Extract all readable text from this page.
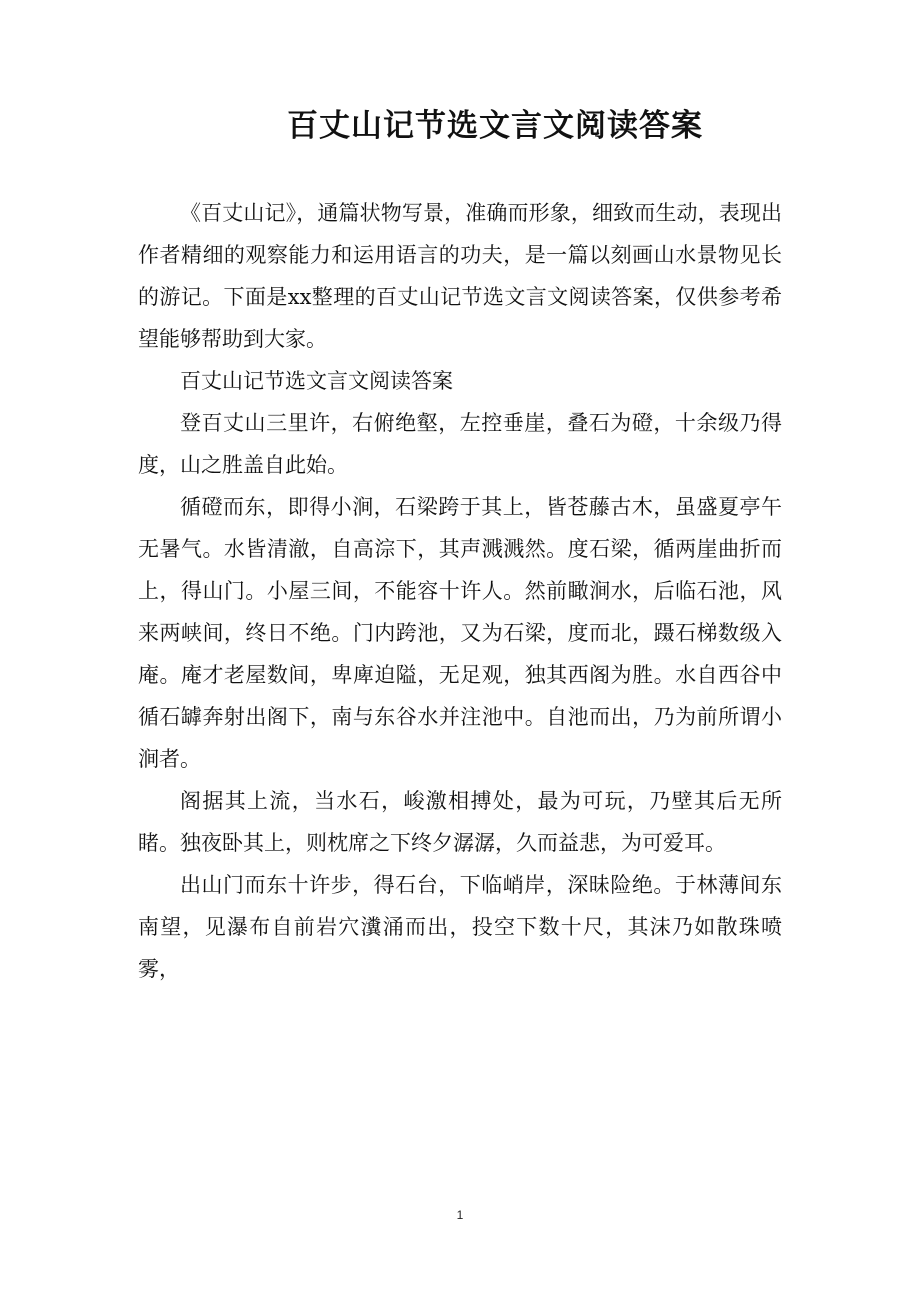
百丈山记节选文言文阅读答案

《百丈山记》，通篇状物写景，准确而形象，细致而生动，表现出作者精细的观察能力和运用语言的功夫，是一篇以刻画山水景物见长的游记。下面是xx整理的百丈山记节选文言文阅读答案，仅供参考希望能够帮助到大家。

百丈山记节选文言文阅读答案

登百丈山三里许，右俯绝壑，左控垂崖，叠石为磴，十余级乃得度，山之胜盖自此始。

循磴而东，即得小涧，石梁跨于其上，皆苍藤古木，虽盛夏亭午无暑气。水皆清澈，自高淙下，其声溅溅然。度石梁，循两崖曲折而上，得山门。小屋三间，不能容十许人。然前瞰涧水，后临石池，风来两峡间，终日不绝。门内跨池，又为石梁，度而北，蹑石梯数级入庵。庵才老屋数间，卑庳迫隘，无足观，独其西阁为胜。水自西谷中循石罅奔射出阁下，南与东谷水并注池中。自池而出，乃为前所谓小涧者。

阁据其上流，当水石，峻激相搏处，最为可玩，乃壁其后无所睹。独夜卧其上，则枕席之下终夕潺潺，久而益悲，为可爱耳。

出山门而东十许步，得石台，下临峭岸，深昧险绝。于林薄间东南望，见瀑布自前岩穴瀵涌而出，投空下数十尺，其沫乃如散珠喷雾，

1
